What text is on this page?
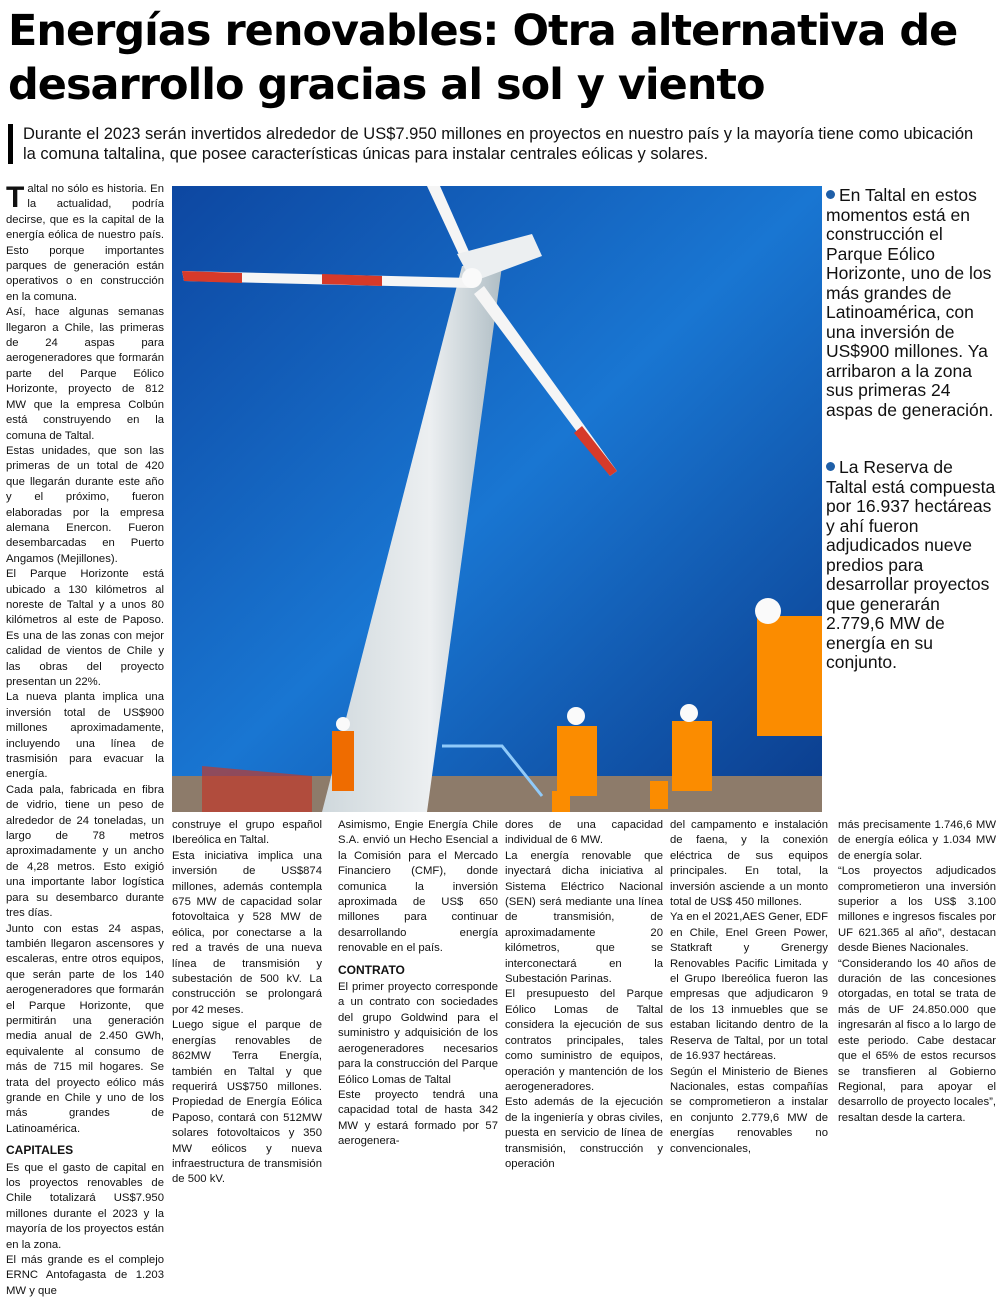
Energías renovables: Otra alternativa de desarrollo gracias al sol y viento

Durante el 2023 serán invertidos alrededor de US$7.950 millones en proyectos en nuestro país y la mayoría tiene como ubicación la comuna taltalina, que posee características únicas para instalar centrales eólicas y solares.

Taltal no sólo es historia. En la actualidad, podría decirse, que es la capital de la energía eólica de nuestro país. Esto porque importantes parques de generación están operativos o en construcción en la comuna.

Así, hace algunas semanas llegaron a Chile, las primeras de 24 aspas para aerogeneradores que formarán parte del Parque Eólico Horizonte, proyecto de 812 MW que la empresa Colbún está construyendo en la comuna de Taltal.

Estas unidades, que son las primeras de un total de 420 que llegarán durante este año y el próximo, fueron elaboradas por la empresa alemana Enercon. Fueron desembarcadas en Puerto Angamos (Mejillones).

El Parque Horizonte está ubicado a 130 kilómetros al noreste de Taltal y a unos 80 kilómetros al este de Paposo. Es una de las zonas con mejor calidad de vientos de Chile y las obras del proyecto presentan un 22%.

La nueva planta implica una inversión total de US$900 millones aproximadamente, incluyendo una línea de trasmisión para evacuar la energía.

Cada pala, fabricada en fibra de vidrio, tiene un peso de alrededor de 24 toneladas, un largo de 78 metros aproximadamente y un ancho de 4,28 metros. Esto exigió una importante labor logística para su desembarco durante tres días.

Junto con estas 24 aspas, también llegaron ascensores y escaleras, entre otros equipos, que serán parte de los 140 aerogeneradores que formarán el Parque Horizonte, que permitirán una generación media anual de 2.450 GWh, equivalente al consumo de más de 715 mil hogares. Se trata del proyecto eólico más grande en Chile y uno de los más grandes de Latinoamérica.

CAPITALES

Es que el gasto de capital en los proyectos renovables de Chile totalizará US$7.950 millones durante el 2023 y la mayoría de los proyectos están en la zona.

El más grande es el complejo ERNC Antofagasta de 1.203 MW y que

En Taltal en estos momentos está en construcción el Parque Eólico Horizonte, uno de los más grandes de Latinoamérica, con una inversión de US$900 millones. Ya arribaron a la zona sus primeras 24 aspas de generación.
La Reserva de Taltal está compuesta por 16.937 hectáreas y ahí fueron adjudicados nueve predios para desarrollar proyectos que generarán 2.779,6 MW de energía en su conjunto.

construye el grupo español Ibereólica en Taltal.

Esta iniciativa implica una inversión de US$874 millones, además contempla 675 MW de capacidad solar fotovoltaica y 528 MW de eólica, por conectarse a la red a través de una nueva línea de transmisión y subestación de 500 kV. La construcción se prolongará por 42 meses.

Luego sigue el parque de energías renovables de 862MW Terra Energía, también en Taltal y que requerirá US$750 millones. Propiedad de Energía Eólica Paposo, contará con 512MW solares fotovoltaicos y 350 MW eólicos y nueva infraestructura de transmisión de 500 kV.

Asimismo, Engie Energía Chile S.A. envió un Hecho Esencial a la Comisión para el Mercado Financiero (CMF), donde comunica la inversión aproximada de US$ 650 millones para continuar desarrollando energía renovable en el país.

CONTRATO

El primer proyecto corresponde a un contrato con sociedades del grupo Goldwind para el suministro y adquisición de los aerogeneradores necesarios para la construcción del Parque Eólico Lomas de Taltal

Este proyecto tendrá una capacidad total de hasta 342 MW y estará formado por 57 aerogenera-

dores de una capacidad individual de 6 MW.

La energía renovable que inyectará dicha iniciativa al Sistema Eléctrico Nacional (SEN) será mediante una línea de transmisión, de aproximadamente 20 kilómetros, que se interconectará en la Subestación Parinas.

El presupuesto del Parque Eólico Lomas de Taltal considera la ejecución de sus contratos principales, tales como suministro de equipos, operación y mantención de los aerogeneradores.

Esto además de la ejecución de la ingeniería y obras civiles, puesta en servicio de línea de transmisión, construcción y operación

del campamento e instalación de faena, y la conexión eléctrica de sus equipos principales. En total, la inversión asciende a un monto total de US$ 450 millones.

Ya en el 2021,AES Gener, EDF en Chile, Enel Green Power, Statkraft y Grenergy Renovables Pacific Limitada y el Grupo Ibereólica fueron las empresas que adjudicaron 9 de los 13 inmuebles que se estaban licitando dentro de la Reserva de Taltal, por un total de 16.937 hectáreas.

Según el Ministerio de Bienes Nacionales, estas compañías se comprometieron a instalar en conjunto 2.779,6 MW de energías renovables no convencionales,

más precisamente 1.746,6 MW de energía eólica y 1.034 MW de energía solar.

“Los proyectos adjudicados comprometieron una inversión superior a los US$ 3.100 millones e ingresos fiscales por UF 621.365 al año”, destacan desde Bienes Nacionales.

“Considerando los 40 años de duración de las concesiones otorgadas, en total se trata de más de UF 24.850.000 que ingresarán al fisco a lo largo de este periodo. Cabe destacar que el 65% de estos recursos se transfieren al Gobierno Regional, para apoyar el desarrollo de proyecto locales”, resaltan desde la cartera.
